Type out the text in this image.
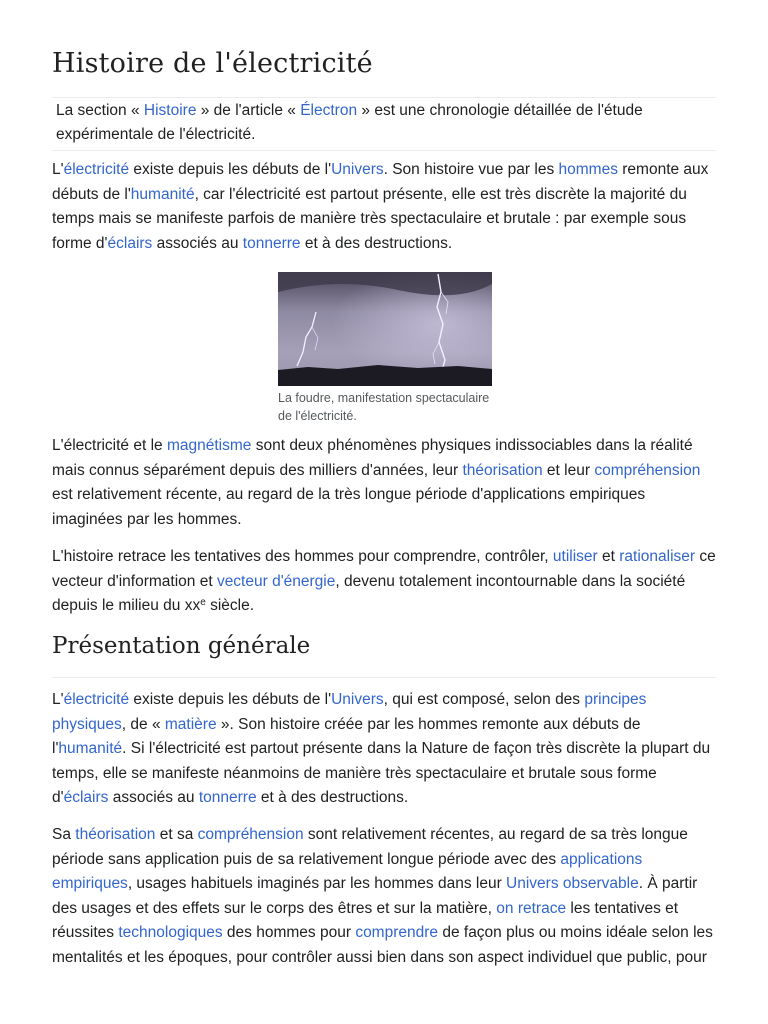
Histoire de l'électricité
La section « Histoire » de l'article « Électron » est une chronologie détaillée de l'étude expérimentale de l'électricité.

L'électricité existe depuis les débuts de l'Univers. Son histoire vue par les hommes remonte aux débuts de l'humanité, car l'électricité est partout présente, elle est très discrète la majorité du temps mais se manifeste parfois de manière très spectaculaire et brutale : par exemple sous forme d'éclairs associés au tonnerre et à des destructions.

La foudre, manifestation spectaculaire de l'électricité.

L'électricité et le magnétisme sont deux phénomènes physiques indissociables dans la réalité mais connus séparément depuis des milliers d'années, leur théorisation et leur compréhension est relativement récente, au regard de la très longue période d'applications empiriques imaginées par les hommes.

L'histoire retrace les tentatives des hommes pour comprendre, contrôler, utiliser et rationaliser ce vecteur d'information et vecteur d'énergie, devenu totalement incontournable dans la société depuis le milieu du $xx^e$ siècle.

Présentation générale

L'électricité existe depuis les débuts de l'Univers, qui est composé, selon des principes physiques, de « matière ». Son histoire créée par les hommes remonte aux débuts de l'humanité. Si l'électricité est partout présente dans la Nature de façon très discrète la plupart du temps, elle se manifeste néanmoins de manière très spectaculaire et brutale sous forme d'éclairs associés au tonnerre et à des destructions.

Sa théorisation et sa compréhension sont relativement récentes, au regard de sa très longue période sans application puis de sa relativement longue période avec des applications empiriques, usages habituels imaginés par les hommes dans leur Univers observable. À partir des usages et des effets sur le corps des êtres et sur la matière, on retrace les tentatives et réussites technologiques des hommes pour comprendre de façon plus ou moins idéale selon les mentalités et les époques, pour contrôler aussi bien dans son aspect individuel que public, pour
